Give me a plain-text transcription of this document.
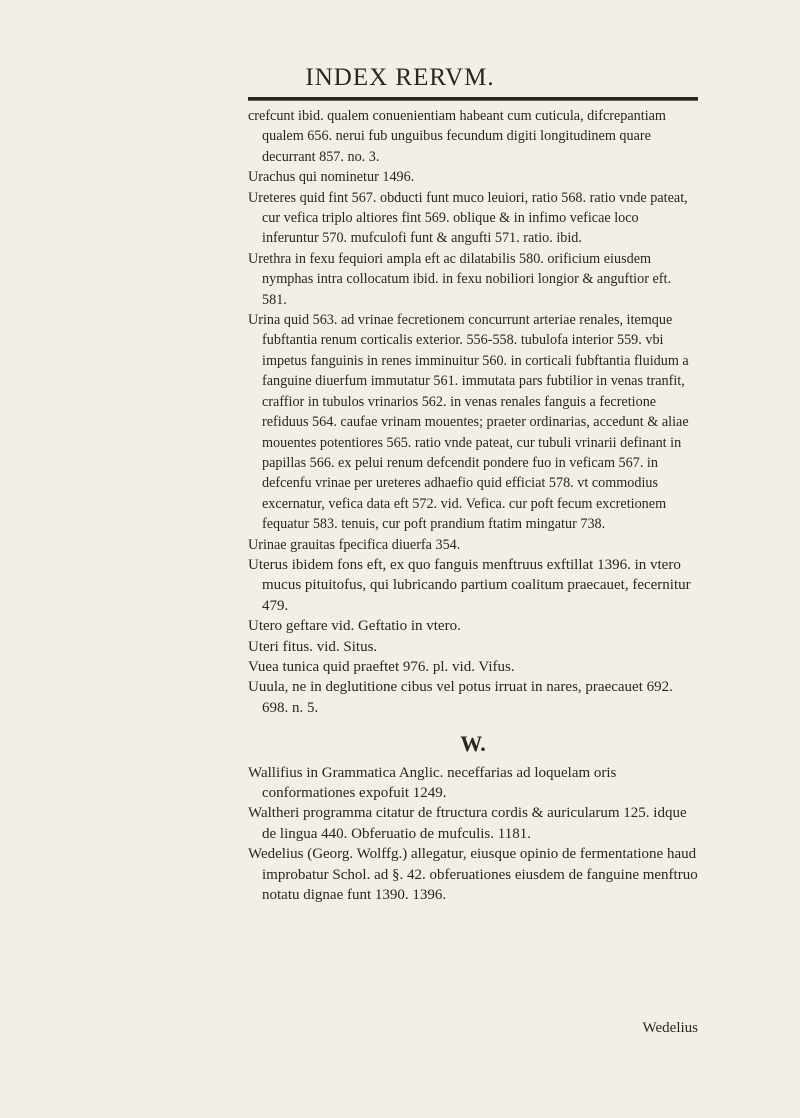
INDEX RERVM.

crefcunt ibid. qualem conuenientiam habeant cum cuticula, difcrepantiam qualem 656. nerui fub unguibus fecundum digiti longitudinem quare decurrant 857. no. 3.

Urachus qui nominetur 1496.

Ureteres quid fint 567. obducti funt muco leuiori, ratio 568. ratio vnde pateat, cur vefica triplo altiores fint 569. oblique & in infimo veficae loco inferuntur 570. mufculofi funt & angufti 571. ratio. ibid.

Urethra in fexu fequiori ampla eft ac dilatabilis 580. orificium eiusdem nymphas intra collocatum ibid. in fexu nobiliori longior & anguftior eft. 581.

Urina quid 563. ad vrinae fecretionem concurrunt arteriae renales, itemque fubftantia renum corticalis exterior. 556-558. tubulofa interior 559. vbi impetus fanguinis in renes imminuitur 560. in corticali fubftantia fluidum a fanguine diuerfum immutatur 561. immutata pars fubtilior in venas tranfit, craffior in tubulos vrinarios 562. in venas renales fanguis a fecretione refiduus 564. caufae vrinam mouentes; praeter ordinarias, accedunt & aliae mouentes potentiores 565. ratio vnde pateat, cur tubuli vrinarii definant in papillas 566. ex pelui renum defcendit pondere fuo in veficam 567. in defcenfu vrinae per ureteres adhaefio quid efficiat 578. vt commodius excernatur, vefica data eft 572. vid. Vefica. cur poft fecum excretionem fequatur 583. tenuis, cur poft prandium ftatim mingatur 738.

Urinae grauitas fpecifica diuerfa 354.

Uterus ibidem fons eft, ex quo fanguis menftruus exftillat 1396. in vtero mucus pituitofus, qui lubricando partium coalitum praecauet, fecernitur 479.

Utero geftare vid. Geftatio in vtero.

Uteri fitus. vid. Situs.

Vuea tunica quid praeftet 976. pl. vid. Vifus.

Uuula, ne in deglutitione cibus vel potus irruat in nares, praecauet 692. 698. n. 5.

W.

Wallifius in Grammatica Anglic. neceffarias ad loquelam oris conformationes expofuit 1249.

Waltheri programma citatur de ftructura cordis & auricularum 125. idque de lingua 440. Obferuatio de mufculis. 1181.

Wedelius (Georg. Wolffg.) allegatur, eiusque opinio de fermentatione haud improbatur Schol. ad §. 42. obferuationes eiusdem de fanguine menftruo notatu dignae funt 1390. 1396.

Wedelius
